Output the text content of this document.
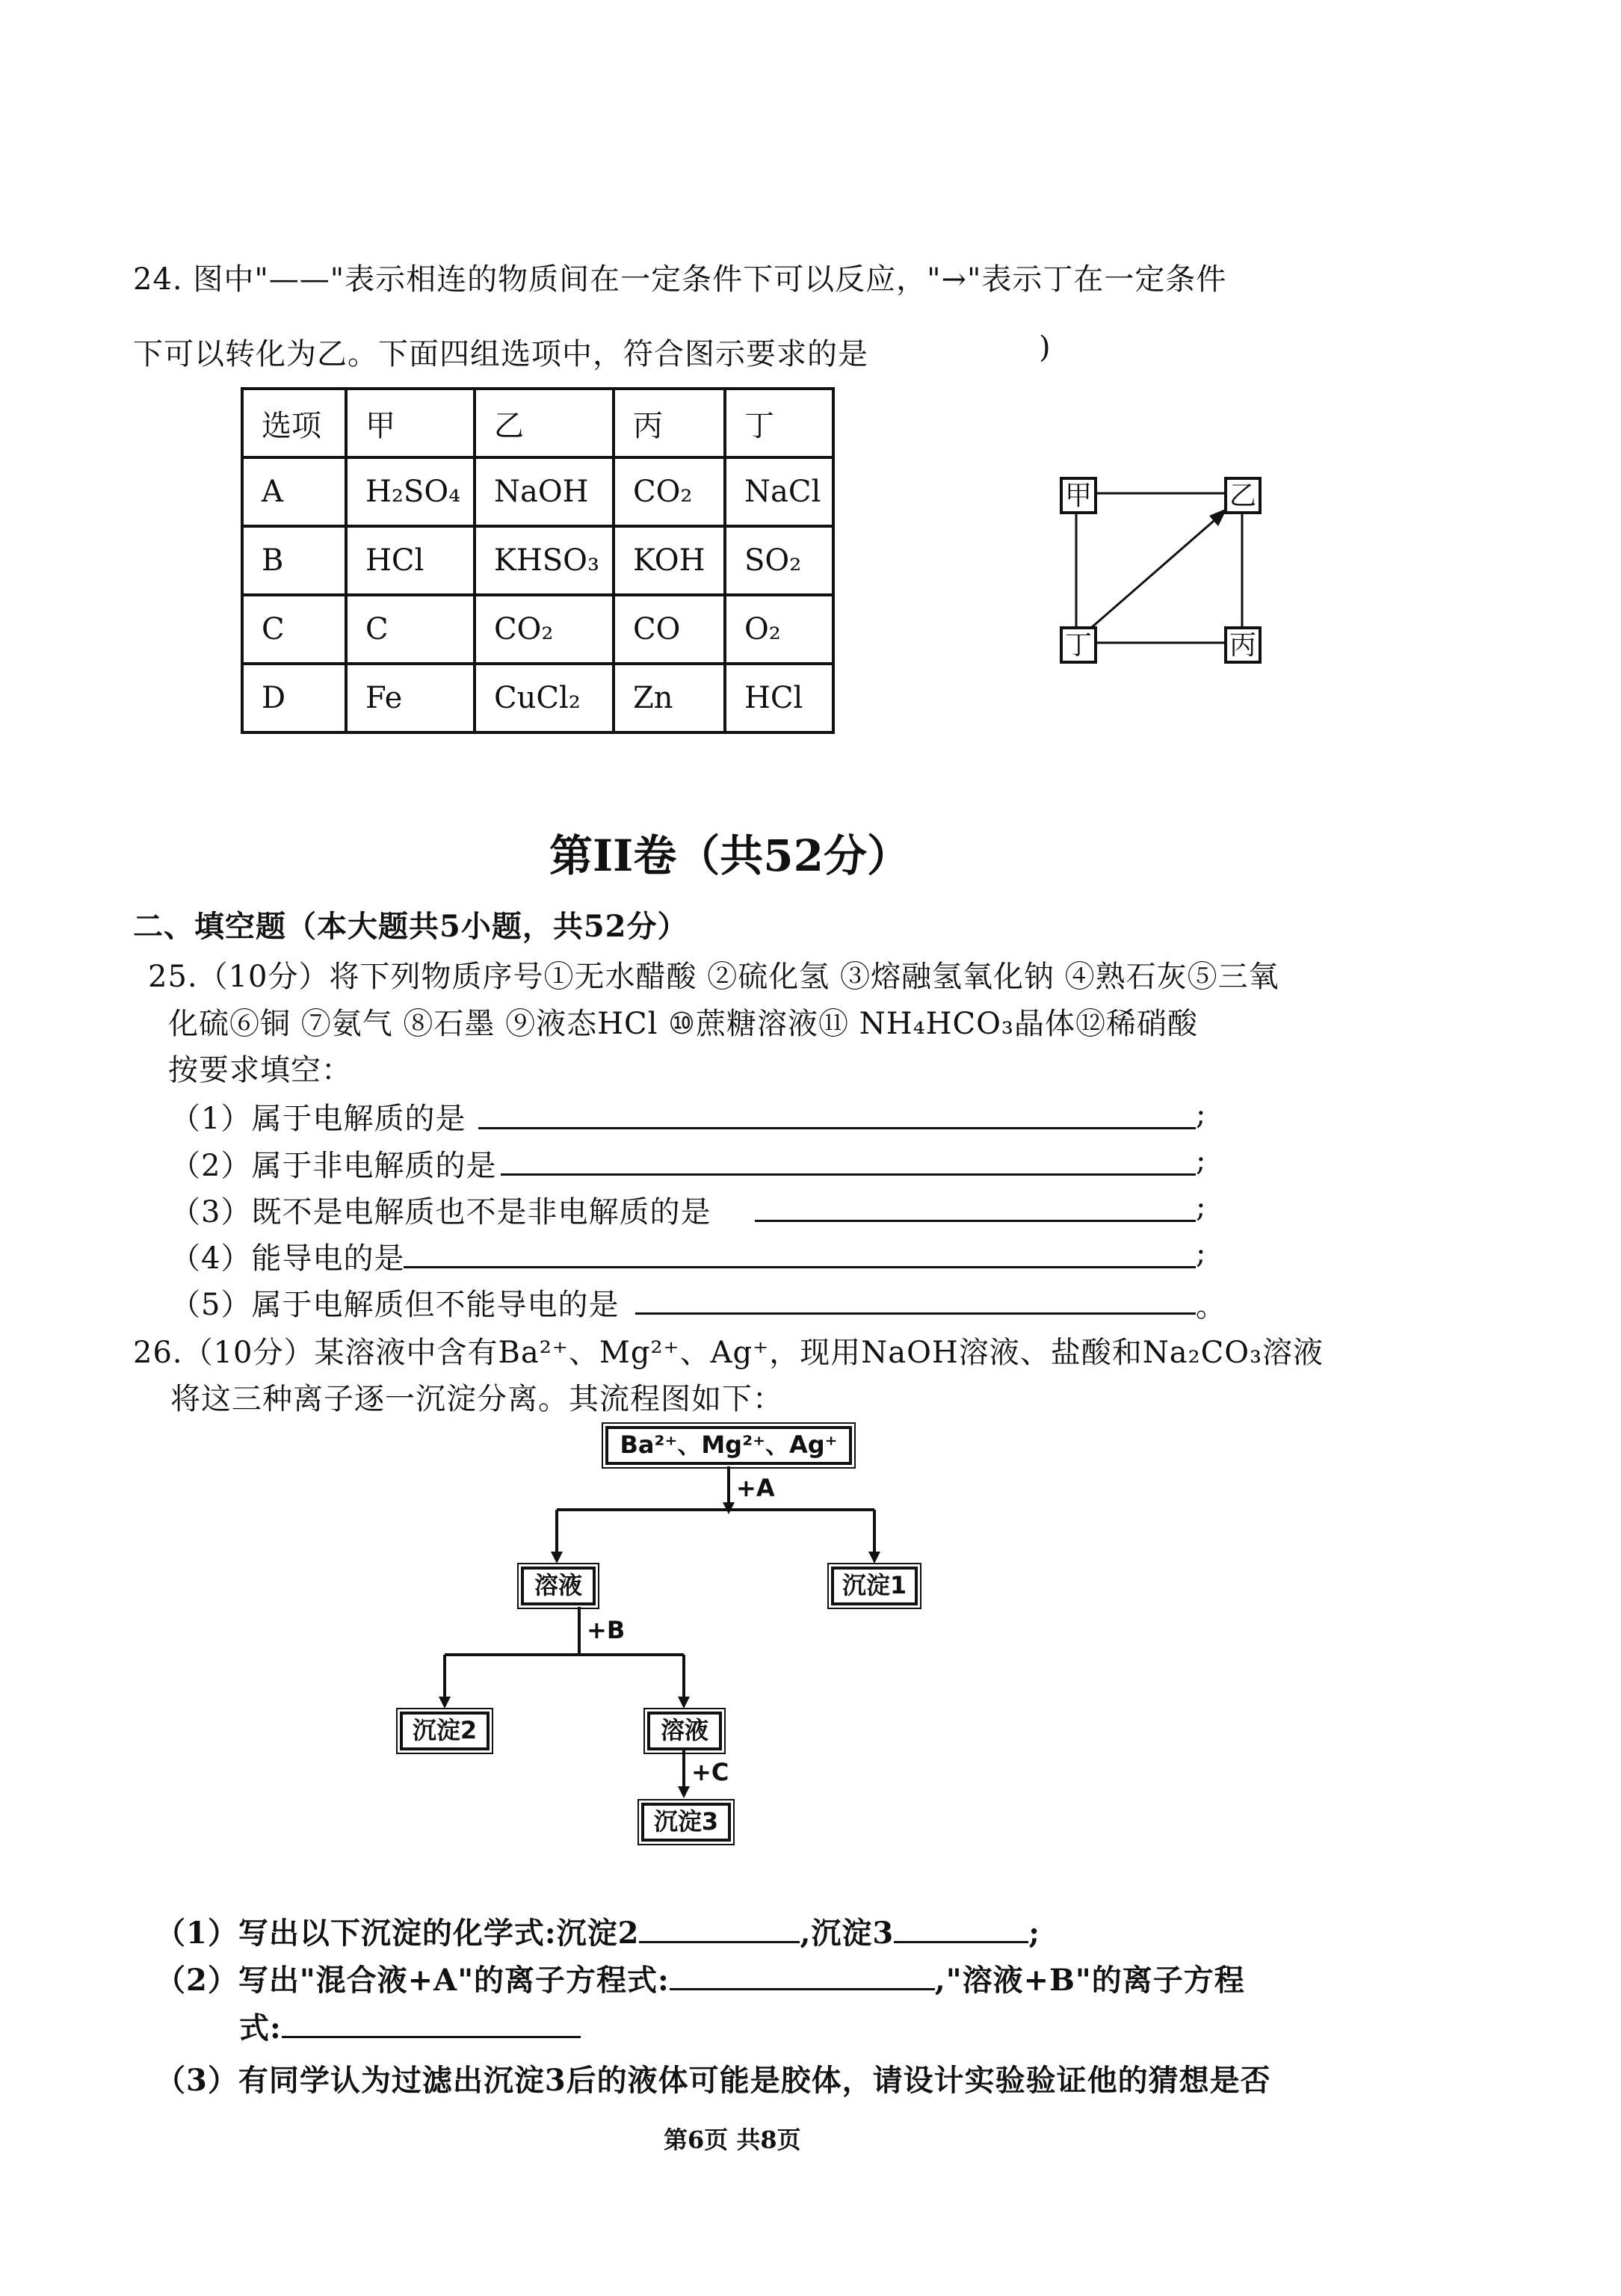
24. 图中"——"表示相连的物质间在一定条件下可以反应，"→"表示丁在一定条件
下可以转化为乙。下面四组选项中，符合图示要求的是	)
选项	甲	乙	丙	丁
A	H₂SO₄	NaOH	CO₂	NaCl
B	HCl	KHSO₃	KOH	SO₂
C	C	CO₂	CO	O₂
D	Fe	CuCl₂	Zn	HCl
甲	乙
丁	丙
第II卷（共52分）
二、填空题（本大题共5小题，共52分）
25.（10分）将下列物质序号①无水醋酸 ②硫化氢 ③熔融氢氧化钠 ④熟石灰⑤三氧
化硫⑥铜 ⑦氨气 ⑧石墨 ⑨液态HCl ⑩蔗糖溶液⑪ NH₄HCO₃晶体⑫稀硝酸
按要求填空：
（1）属于电解质的是	;
（2）属于非电解质的是	;
（3）既不是电解质也不是非电解质的是	;
（4）能导电的是	;
（5）属于电解质但不能导电的是	。
26.（10分）某溶液中含有Ba²⁺、Mg²⁺、Ag⁺，现用NaOH溶液、盐酸和Na₂CO₃溶液
将这三种离子逐一沉淀分离。其流程图如下：
Ba²⁺、Mg²⁺、Ag⁺
+A
溶液	沉淀1
+B
沉淀2	溶液
+C
沉淀3
（1）写出以下沉淀的化学式:沉淀2	,沉淀3	;
（2）写出"混合液+A"的离子方程式:	,"溶液+B"的离子方程
式:
（3）有同学认为过滤出沉淀3后的液体可能是胶体，请设计实验验证他的猜想是否
第6页 共8页
